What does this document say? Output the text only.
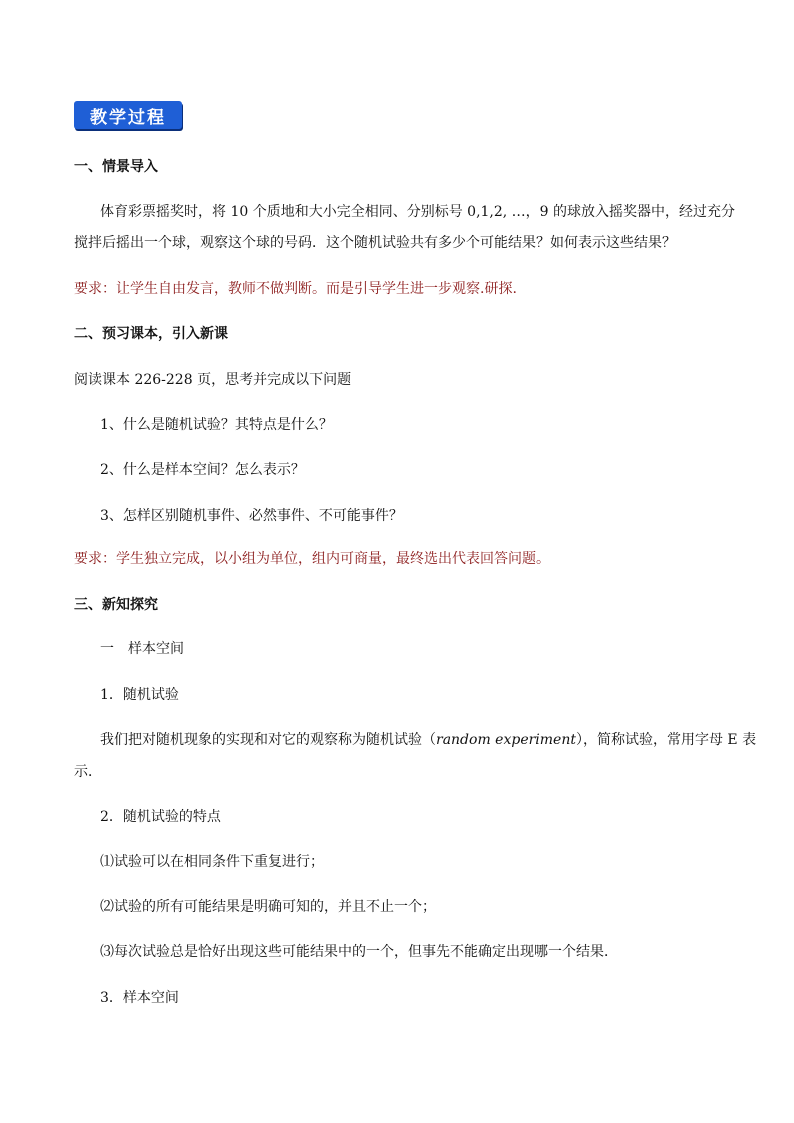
教学过程
一、情景导入
体育彩票摇奖时，将 10 个质地和大小完全相同、分别标号 0,1,2, …，9 的球放入摇奖器中，经过充分
搅拌后摇出一个球，观察这个球的号码．这个随机试验共有多少个可能结果？如何表示这些结果？
要求：让学生自由发言，教师不做判断。而是引导学生进一步观察.研探.
二、预习课本，引入新课
阅读课本 226-228 页，思考并完成以下问题
1、什么是随机试验？其特点是什么？
2、什么是样本空间？怎么表示？
3、怎样区别随机事件、必然事件、不可能事件？
要求：学生独立完成，以小组为单位，组内可商量，最终选出代表回答问题。
三、新知探究
一　样本空间
1．随机试验
我们把对随机现象的实现和对它的观察称为随机试验（random experiment），简称试验，常用字母 E 表
示．
2．随机试验的特点
⑴试验可以在相同条件下重复进行；
⑵试验的所有可能结果是明确可知的，并且不止一个；
⑶每次试验总是恰好出现这些可能结果中的一个，但事先不能确定出现哪一个结果．
3．样本空间
